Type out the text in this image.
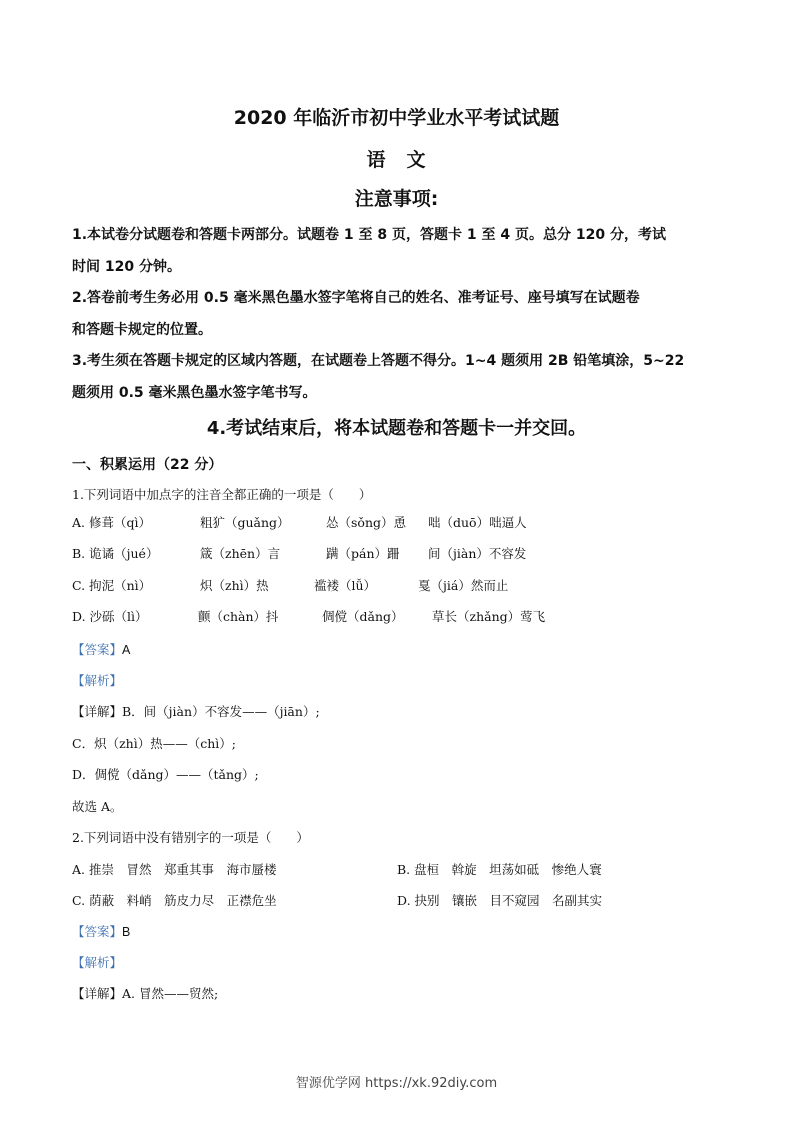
2020 年临沂市初中学业水平考试试题
语　文
注意事项:
1.本试卷分试题卷和答题卡两部分。试题卷 1 至 8 页，答题卡 1 至 4 页。总分 120 分，考试
时间 120 分钟。
2.答卷前考生务必用 0.5 毫米黑色墨水签字笔将自己的姓名、准考证号、座号填写在试题卷
和答题卡规定的位置。
3.考生须在答题卡规定的区域内答题，在试题卷上答题不得分。1~4 题须用 2B 铅笔填涂，5~22
题须用 0.5 毫米黑色墨水签字笔书写。
4.考试结束后，将本试题卷和答题卡一并交回。
一、积累运用（22 分）
1.下列词语中加点字的注音全都正确的一项是（　　）
A. 修葺（qì）	粗犷（guǎng）	怂（sǒng）恿 咄（duō）咄逼人
B. 诡谲（jué）	箴（zhēn）言	蹒（pán）跚 间（jiàn）不容发
C. 拘泥（nì）	炽（zhì）热	褴褛（lǚ）	戛（jiá）然而止
D. 沙砾（lì）	颤（chàn）抖	倜傥（dǎng） 草长（zhǎng）莺飞
【答案】A
【解析】
【详解】B．间（jiàn）不容发——（jiān）;
C．炽（zhì）热——（chì）;
D．倜傥（dǎng）——（tǎng）;
故选 A。
2.下列词语中没有错别字的一项是（　　）
A. 推崇　冒然　郑重其事　海市蜃楼	B. 盘桓　斡旋　坦荡如砥　惨绝人寰
C. 荫蔽　料峭　筋皮力尽　正襟危坐	D. 抉别　镶嵌　目不窥园　名副其实
【答案】B
【解析】
【详解】A. 冒然——贸然;
智源优学网 https://xk.92diy.com
